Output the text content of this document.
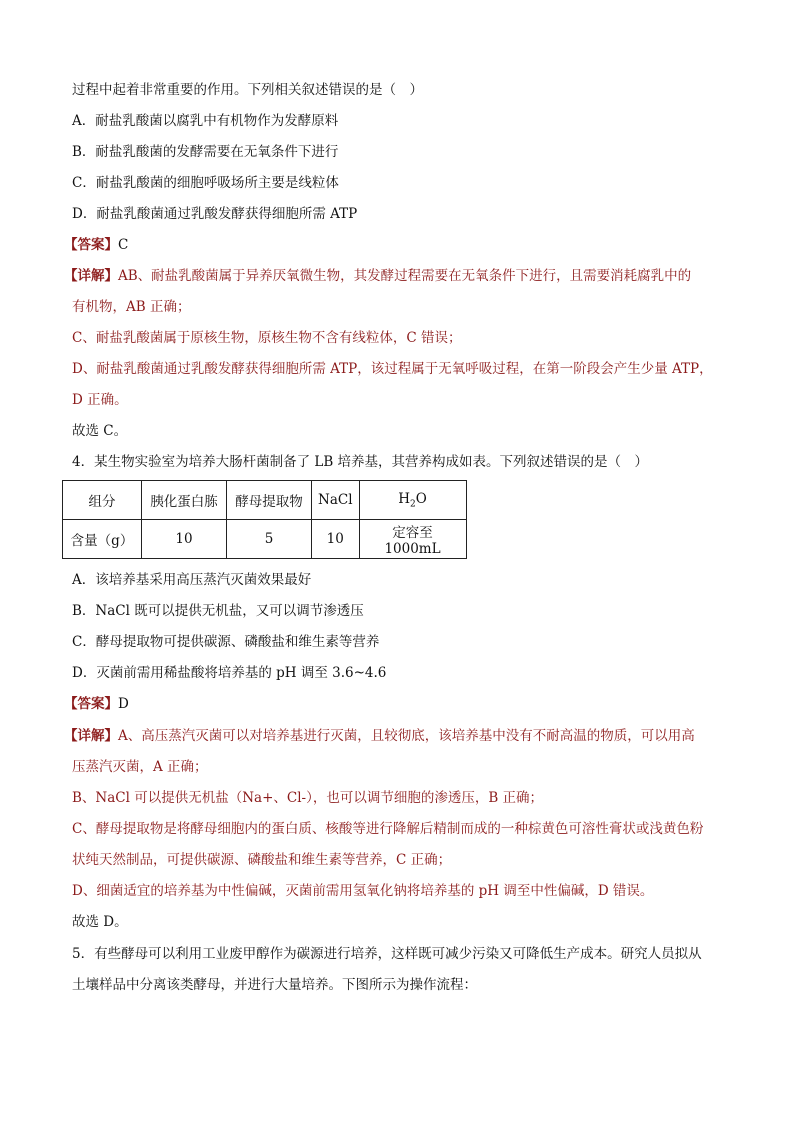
过程中起着非常重要的作用。下列相关叙述错误的是（　）
A．耐盐乳酸菌以腐乳中有机物作为发酵原料
B．耐盐乳酸菌的发酵需要在无氧条件下进行
C．耐盐乳酸菌的细胞呼吸场所主要是线粒体
D．耐盐乳酸菌通过乳酸发酵获得细胞所需 ATP
【答案】C
【详解】AB、耐盐乳酸菌属于异养厌氧微生物，其发酵过程需要在无氧条件下进行，且需要消耗腐乳中的
有机物，AB 正确；
C、耐盐乳酸菌属于原核生物，原核生物不含有线粒体，C 错误；
D、耐盐乳酸菌通过乳酸发酵获得细胞所需 ATP，该过程属于无氧呼吸过程，在第一阶段会产生少量 ATP，
D 正确。
故选 C。
4．某生物实验室为培养大肠杆菌制备了 LB 培养基，其营养构成如表。下列叙述错误的是（　）
组分	胰化蛋白胨	酵母提取物	NaCl	$H_2O$
含量（g）	10	5	10	定容至 1000mL
A．该培养基采用高压蒸汽灭菌效果最好
B．NaCl 既可以提供无机盐，又可以调节渗透压
C．酵母提取物可提供碳源、磷酸盐和维生素等营养
D．灭菌前需用稀盐酸将培养基的 pH 调至 3.6~4.6
【答案】D
【详解】A、高压蒸汽灭菌可以对培养基进行灭菌，且较彻底，该培养基中没有不耐高温的物质，可以用高
压蒸汽灭菌，A 正确；
B、NaCl 可以提供无机盐（Na+、Cl-），也可以调节细胞的渗透压，B 正确；
C、酵母提取物是将酵母细胞内的蛋白质、核酸等进行降解后精制而成的一种棕黄色可溶性膏状或浅黄色粉
状纯天然制品，可提供碳源、磷酸盐和维生素等营养，C 正确；
D、细菌适宜的培养基为中性偏碱，灭菌前需用氢氧化钠将培养基的 pH 调至中性偏碱，D 错误。
故选 D。
5．有些酵母可以利用工业废甲醇作为碳源进行培养，这样既可减少污染又可降低生产成本。研究人员拟从
土壤样品中分离该类酵母，并进行大量培养。下图所示为操作流程：
